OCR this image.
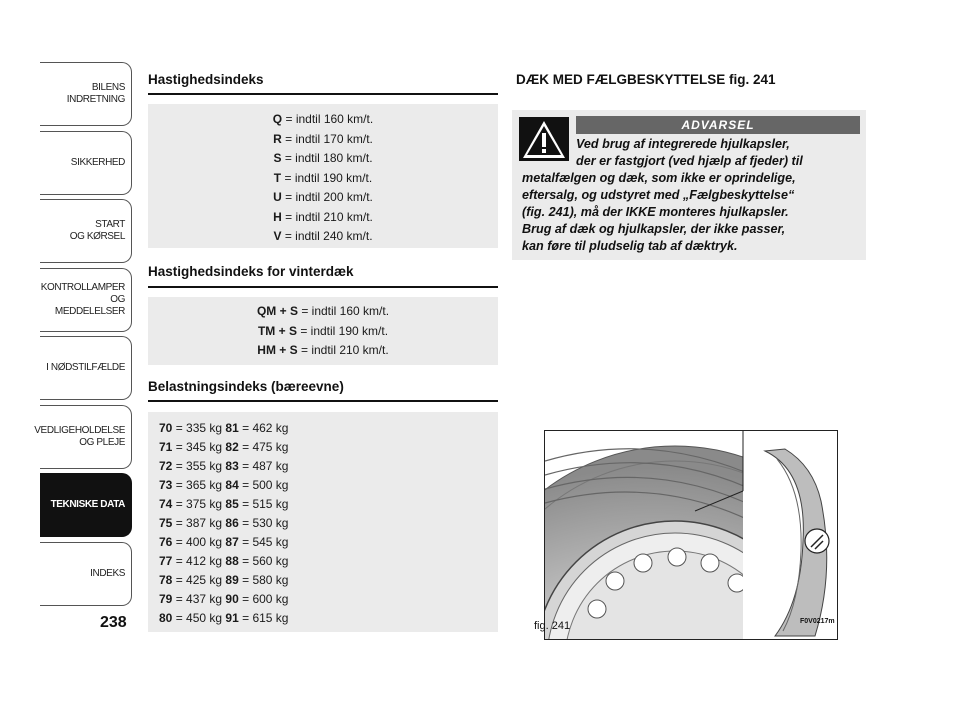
BILENS
INDRETNING
SIKKERHED
START
OG KØRSEL
KONTROLLAMPER
OG MEDDELELSER
I NØDSTILFÆLDE
VEDLIGEHOLDELSE
OG PLEJE
TEKNISKE DATA
INDEKS
238
Hastighedsindeks
Q = indtil 160 km/t.
R = indtil 170 km/t.
S = indtil 180 km/t.
T = indtil 190 km/t.
U = indtil 200 km/t.
H = indtil 210 km/t.
V = indtil 240 km/t.
Hastighedsindeks for vinterdæk
QM + S = indtil 160 km/t.
TM + S = indtil 190 km/t.
HM + S = indtil 210 km/t.
Belastningsindeks (bæreevne)
70 = 335 kg 81 = 462 kg
71 = 345 kg 82 = 475 kg
72 = 355 kg 83 = 487 kg
73 = 365 kg 84 = 500 kg
74 = 375 kg 85 = 515 kg
75 = 387 kg 86 = 530 kg
76 = 400 kg 87 = 545 kg
77 = 412 kg 88 = 560 kg
78 = 425 kg 89 = 580 kg
79 = 437 kg 90 = 600 kg
80 = 450 kg 91 = 615 kg
DÆK MED FÆLGBESKYTTELSE fig. 241
ADVARSEL
Ved brug af integrerede hjulkapsler,
der er fastgjort (ved hjælp af fjeder) til
metalfælgen og dæk, som ikke er oprindelige,
eftersalg, og udstyret med „Fælgbeskyttelse“
(fig. 241), må der IKKE monteres hjulkapsler.
Brug af dæk og hjulkapsler, der ikke passer,
kan føre til pludselig tab af dæktryk.
fig. 241	F0V0217m
